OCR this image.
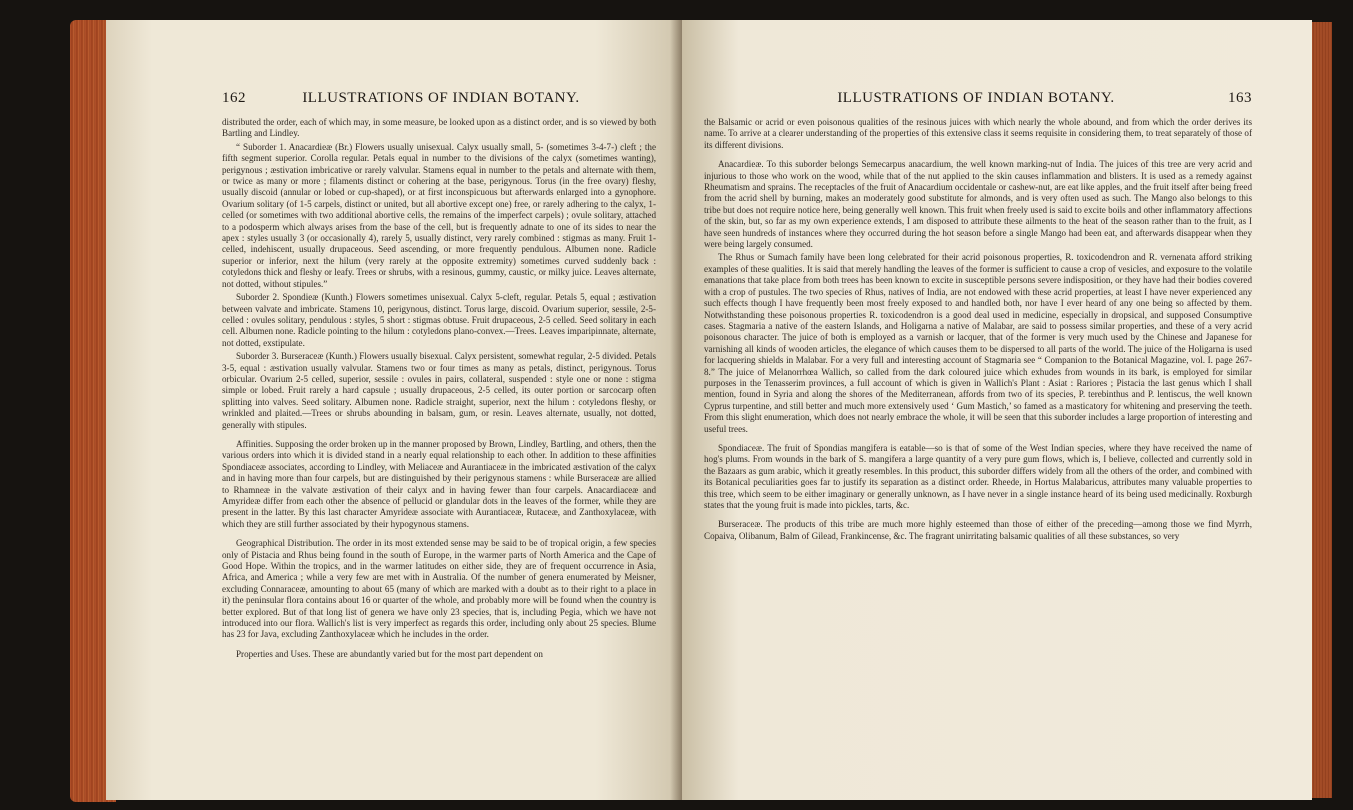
162	ILLUSTRATIONS OF INDIAN BOTANY.

distributed the order, each of which may, in some measure, be looked upon as a distinct order, and is so viewed by both Bartling and Lindley.

“ Suborder 1. Anacardieæ (Br.) Flowers usually unisexual. Calyx usually small, 5- (sometimes 3-4-7-) cleft ; the fifth segment superior. Corolla regular. Petals equal in number to the divisions of the calyx (sometimes wanting), perigynous ; æstivation imbricative or rarely valvular. Stamens equal in number to the petals and alternate with them, or twice as many or more ; filaments distinct or cohering at the base, perigynous. Torus (in the free ovary) fleshy, usually discoid (annular or lobed or cup-shaped), or at first inconspicuous but afterwards enlarged into a gynophore. Ovarium solitary (of 1-5 carpels, distinct or united, but all abortive except one) free, or rarely adhering to the calyx, 1-celled (or sometimes with two additional abortive cells, the remains of the imperfect carpels) ; ovule solitary, attached to a podosperm which always arises from the base of the cell, but is frequently adnate to one of its sides to near the apex : styles usually 3 (or occasionally 4), rarely 5, usually distinct, very rarely combined : stigmas as many. Fruit 1-celled, indehiscent, usually drupaceous. Seed ascending, or more frequently pendulous. Albumen none. Radicle superior or inferior, next the hilum (very rarely at the opposite extremity) sometimes curved suddenly back : cotyledons thick and fleshy or leafy. Trees or shrubs, with a resinous, gummy, caustic, or milky juice. Leaves alternate, not dotted, without stipules.”

Suborder 2. Spondieæ (Kunth.) Flowers sometimes unisexual. Calyx 5-cleft, regular. Petals 5, equal ; æstivation between valvate and imbricate. Stamens 10, perigynous, distinct. Torus large, discoid. Ovarium superior, sessile, 2-5-celled : ovules solitary, pendulous : styles, 5 short : stigmas obtuse. Fruit drupaceous, 2-5 celled. Seed solitary in each cell. Albumen none. Radicle pointing to the hilum : cotyledons plano-convex.—Trees. Leaves imparipinnate, alternate, not dotted, exstipulate.

Suborder 3. Burseraceæ (Kunth.) Flowers usually bisexual. Calyx persistent, somewhat regular, 2-5 divided. Petals 3-5, equal : æstivation usually valvular. Stamens two or four times as many as petals, distinct, perigynous. Torus orbicular. Ovarium 2-5 celled, superior, sessile : ovules in pairs, collateral, suspended : style one or none : stigma simple or lobed. Fruit rarely a hard capsule ; usually drupaceous, 2-5 celled, its outer portion or sarcocarp often splitting into valves. Seed solitary. Albumen none. Radicle straight, superior, next the hilum : cotyledons fleshy, or wrinkled and plaited.—Trees or shrubs abounding in balsam, gum, or resin. Leaves alternate, usually, not dotted, generally with stipules.

Affinities. Supposing the order broken up in the manner proposed by Brown, Lindley, Bartling, and others, then the various orders into which it is divided stand in a nearly equal relationship to each other. In addition to these affinities Spondiaceæ associates, according to Lindley, with Meliaceæ and Aurantiaceæ in the imbricated æstivation of the calyx and in having more than four carpels, but are distinguished by their perigynous stamens : while Burseraceæ are allied to Rhamneæ in the valvate æstivation of their calyx and in having fewer than four carpels. Anacardiaceæ and Amyrideæ differ from each other the absence of pellucid or glandular dots in the leaves of the former, while they are present in the latter. By this last character Amyrideæ associate with Aurantiaceæ, Rutaceæ, and Zanthoxylaceæ, with which they are still further associated by their hypogynous stamens.

Geographical Distribution. The order in its most extended sense may be said to be of tropical origin, a few species only of Pistacia and Rhus being found in the south of Europe, in the warmer parts of North America and the Cape of Good Hope. Within the tropics, and in the warmer latitudes on either side, they are of frequent occurrence in Asia, Africa, and America ; while a very few are met with in Australia. Of the number of genera enumerated by Meisner, excluding Connaraceæ, amounting to about 65 (many of which are marked with a doubt as to their right to a place in it) the peninsular flora contains about 16 or quarter of the whole, and probably more will be found when the country is better explored. But of that long list of genera we have only 23 species, that is, including Pegia, which we have not introduced into our flora. Wallich's list is very imperfect as regards this order, including only about 25 species. Blume has 23 for Java, excluding Zanthoxylaceæ which he includes in the order.

Properties and Uses. These are abundantly varied but for the most part dependent on

ILLUSTRATIONS OF INDIAN BOTANY.	163

the Balsamic or acrid or even poisonous qualities of the resinous juices with which nearly the whole abound, and from which the order derives its name. To arrive at a clearer understanding of the properties of this extensive class it seems requisite in considering them, to treat separately of those of its different divisions.

Anacardieæ. To this suborder belongs Semecarpus anacardium, the well known marking-nut of India. The juices of this tree are very acrid and injurious to those who work on the wood, while that of the nut applied to the skin causes inflammation and blisters. It is used as a remedy against Rheumatism and sprains. The receptacles of the fruit of Anacardium occidentale or cashew-nut, are eat like apples, and the fruit itself after being freed from the acrid shell by burning, makes an moderately good substitute for almonds, and is very often used as such. The Mango also belongs to this tribe but does not require notice here, being generally well known. This fruit when freely used is said to excite boils and other inflammatory affections of the skin, but, so far as my own experience extends, I am disposed to attribute these ailments to the heat of the season rather than to the fruit, as I have seen hundreds of instances where they occurred during the hot season before a single Mango had been eat, and afterwards disappear when they were being largely consumed.

The Rhus or Sumach family have been long celebrated for their acrid poisonous properties, R. toxicodendron and R. vernenata afford striking examples of these qualities. It is said that merely handling the leaves of the former is sufficient to cause a crop of vesicles, and exposure to the volatile emanations that take place from both trees has been known to excite in susceptible persons severe indisposition, or they have had their bodies covered with a crop of pustules. The two species of Rhus, natives of India, are not endowed with these acrid properties, at least I have never experienced any such effects though I have frequently been most freely exposed to and handled both, nor have I ever heard of any one being so affected by them. Notwithstanding these poisonous properties R. toxicodendron is a good deal used in medicine, especially in dropsical, and supposed Consumptive cases. Stagmaria a native of the eastern Islands, and Holigarna a native of Malabar, are said to possess similar properties, and these of a very acrid poisonous character. The juice of both is employed as a varnish or lacquer, that of the former is very much used by the Chinese and Japanese for varnishing all kinds of wooden articles, the elegance of which causes them to be dispersed to all parts of the world. The juice of the Holigarna is used for lacquering shields in Malabar. For a very full and interesting account of Stagmaria see “ Companion to the Botanical Magazine, vol. I. page 267-8.” The juice of Melanorrhœa Wallich, so called from the dark coloured juice which exhudes from wounds in its bark, is employed for similar purposes in the Tenasserim provinces, a full account of which is given in Wallich's Plant : Asiat : Rariores ; Pistacia the last genus which I shall mention, found in Syria and along the shores of the Mediterranean, affords from two of its species, P. terebinthus and P. lentiscus, the well known Cyprus turpentine, and still better and much more extensively used ‘ Gum Mastich,’ so famed as a masticatory for whitening and preserving the teeth. From this slight enumeration, which does not nearly embrace the whole, it will be seen that this suborder includes a large proportion of interesting and useful trees.

Spondiaceæ. The fruit of Spondias mangifera is eatable—so is that of some of the West Indian species, where they have received the name of hog's plums. From wounds in the bark of S. mangifera a large quantity of a very pure gum flows, which is, I believe, collected and currently sold in the Bazaars as gum arabic, which it greatly resembles. In this product, this suborder differs widely from all the others of the order, and combined with its Botanical peculiarities goes far to justify its separation as a distinct order. Rheede, in Hortus Malabaricus, attributes many valuable properties to this tree, which seem to be either imaginary or generally unknown, as I have never in a single instance heard of its being used medicinally. Roxburgh states that the young fruit is made into pickles, tarts, &c.

Burseraceæ. The products of this tribe are much more highly esteemed than those of either of the preceding—among those we find Myrrh, Copaiva, Olibanum, Balm of Gilead, Frankincense, &c. The fragrant unirritating balsamic qualities of all these substances, so very
